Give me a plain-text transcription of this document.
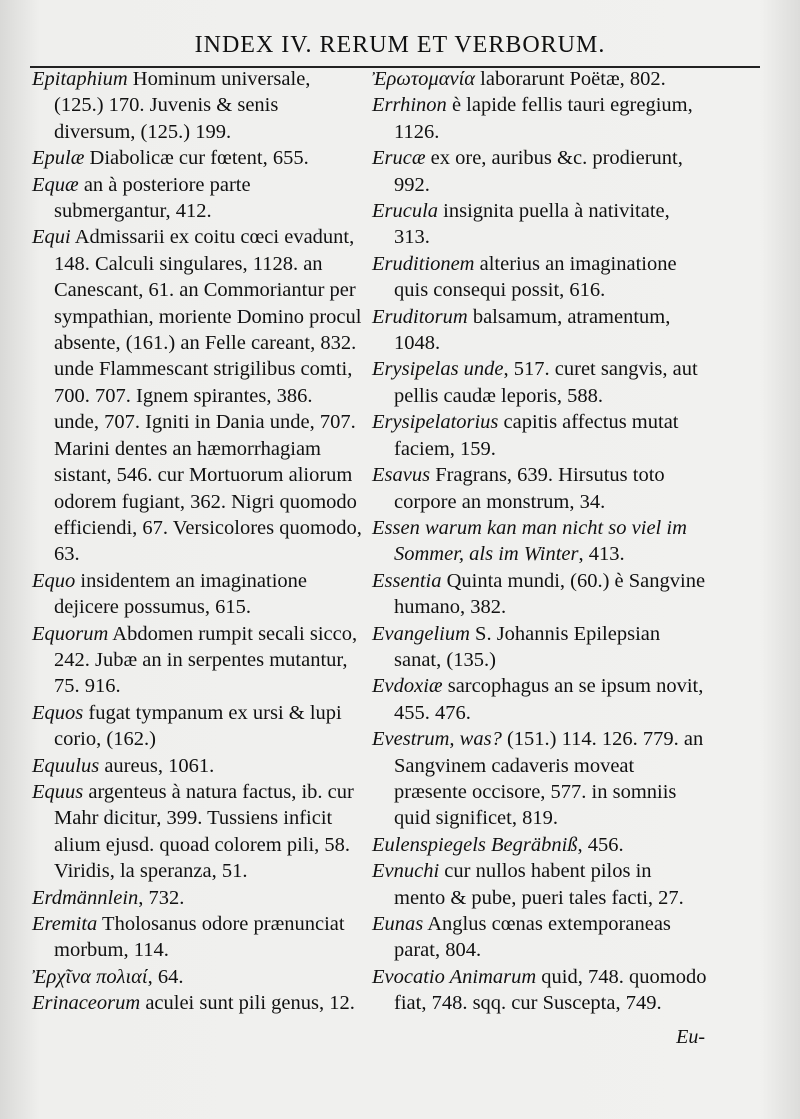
INDEX IV. RERUM ET VERBORUM.

Epitaphium Hominum universale, (125.) 170. Juvenis & senis diversum, (125.) 199.

Epulæ Diabolicæ cur fœtent, 655.

Equæ an à posteriore parte submergantur, 412.

Equi Admissarii ex coitu cœci evadunt, 148. Calculi singulares, 1128. an Canescant, 61. an Commoriantur per sympathian, moriente Domino procul absente, (161.) an Felle careant, 832. unde Flammescant strigilibus comti, 700. 707. Ignem spirantes, 386. unde, 707. Igniti in Dania unde, 707. Marini dentes an hæmorrhagiam sistant, 546. cur Mortuorum aliorum odorem fugiant, 362. Nigri quomodo efficiendi, 67. Versicolores quomodo, 63.

Equo insidentem an imaginatione dejicere possumus, 615.

Equorum Abdomen rumpit secali sicco, 242. Jubæ an in serpentes mutantur, 75. 916.

Equos fugat tympanum ex ursi & lupi corio, (162.)

Equulus aureus, 1061.

Equus argenteus à natura factus, ib. cur Mahr dicitur, 399. Tussiens inficit alium ejusd. quoad colorem pili, 58. Viridis, la speranza, 51.

Erdmännlein, 732.

Eremita Tholosanus odore prænunciat morbum, 114.

Ἐρχῖνα πολιαί, 64.

Erinaceorum aculei sunt pili genus, 12.

Ἐρωτομανία laborarunt Poëtæ, 802.

Errhinon è lapide fellis tauri egregium, 1126.

Erucæ ex ore, auribus &c. prodierunt, 992.

Erucula insignita puella à nativitate, 313.

Eruditionem alterius an imaginatione quis consequi possit, 616.

Eruditorum balsamum, atramentum, 1048.

Erysipelas unde, 517. curet sangvis, aut pellis caudæ leporis, 588.

Erysipelatorius capitis affectus mutat faciem, 159.

Esavus Fragrans, 639. Hirsutus toto corpore an monstrum, 34.

Essen warum kan man nicht so viel im Sommer, als im Winter, 413.

Essentia Quinta mundi, (60.) è Sangvine humano, 382.

Evangelium S. Johannis Epilepsian sanat, (135.)

Evdoxiæ sarcophagus an se ipsum novit, 455. 476.

Evestrum, was? (151.) 114. 126. 779. an Sangvinem cadaveris moveat præsente occisore, 577. in somniis quid significet, 819.

Eulenspiegels Begräbniß, 456.

Evnuchi cur nullos habent pilos in mento & pube, pueri tales facti, 27.

Eunas Anglus cœnas extemporaneas parat, 804.

Evocatio Animarum quid, 748. quomodo fiat, 748. sqq. cur Suscepta, 749.

Eu-
